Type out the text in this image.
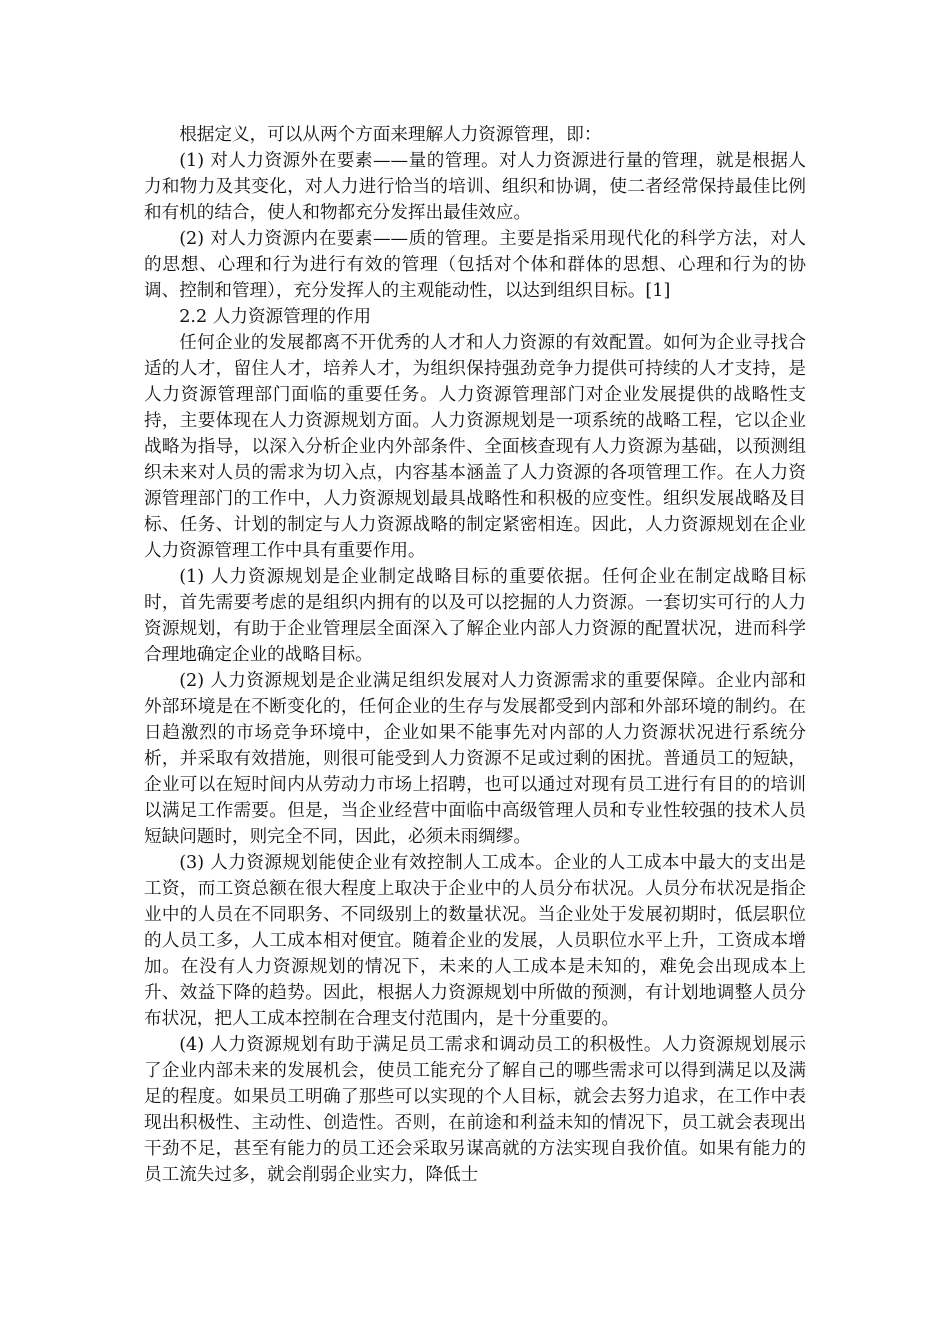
根据定义，可以从两个方面来理解人力资源管理，即：

(1) 对人力资源外在要素——量的管理。对人力资源进行量的管理，就是根据人力和物力及其变化，对人力进行恰当的培训、组织和协调，使二者经常保持最佳比例和有机的结合，使人和物都充分发挥出最佳效应。

(2) 对人力资源内在要素——质的管理。主要是指采用现代化的科学方法，对人的思想、心理和行为进行有效的管理（包括对个体和群体的思想、心理和行为的协调、控制和管理），充分发挥人的主观能动性，以达到组织目标。[1]

2.2 人力资源管理的作用

任何企业的发展都离不开优秀的人才和人力资源的有效配置。如何为企业寻找合适的人才，留住人才，培养人才，为组织保持强劲竞争力提供可持续的人才支持，是人力资源管理部门面临的重要任务。人力资源管理部门对企业发展提供的战略性支持，主要体现在人力资源规划方面。人力资源规划是一项系统的战略工程，它以企业战略为指导，以深入分析企业内外部条件、全面核查现有人力资源为基础，以预测组织未来对人员的需求为切入点，内容基本涵盖了人力资源的各项管理工作。在人力资源管理部门的工作中，人力资源规划最具战略性和积极的应变性。组织发展战略及目标、任务、计划的制定与人力资源战略的制定紧密相连。因此，人力资源规划在企业人力资源管理工作中具有重要作用。

(1) 人力资源规划是企业制定战略目标的重要依据。任何企业在制定战略目标时，首先需要考虑的是组织内拥有的以及可以挖掘的人力资源。一套切实可行的人力资源规划，有助于企业管理层全面深入了解企业内部人力资源的配置状况，进而科学合理地确定企业的战略目标。

(2) 人力资源规划是企业满足组织发展对人力资源需求的重要保障。企业内部和外部环境是在不断变化的，任何企业的生存与发展都受到内部和外部环境的制约。在日趋激烈的市场竞争环境中，企业如果不能事先对内部的人力资源状况进行系统分析，并采取有效措施，则很可能受到人力资源不足或过剩的困扰。普通员工的短缺，企业可以在短时间内从劳动力市场上招聘，也可以通过对现有员工进行有目的的培训以满足工作需要。但是，当企业经营中面临中高级管理人员和专业性较强的技术人员短缺问题时，则完全不同，因此，必须未雨绸缪。

(3) 人力资源规划能使企业有效控制人工成本。企业的人工成本中最大的支出是工资，而工资总额在很大程度上取决于企业中的人员分布状况。人员分布状况是指企业中的人员在不同职务、不同级别上的数量状况。当企业处于发展初期时，低层职位的人员工多，人工成本相对便宜。随着企业的发展，人员职位水平上升，工资成本增加。在没有人力资源规划的情况下，未来的人工成本是未知的，难免会出现成本上升、效益下降的趋势。因此，根据人力资源规划中所做的预测，有计划地调整人员分布状况，把人工成本控制在合理支付范围内，是十分重要的。

(4) 人力资源规划有助于满足员工需求和调动员工的积极性。人力资源规划展示了企业内部未来的发展机会，使员工能充分了解自己的哪些需求可以得到满足以及满足的程度。如果员工明确了那些可以实现的个人目标，就会去努力追求，在工作中表现出积极性、主动性、创造性。否则，在前途和利益未知的情况下，员工就会表现出干劲不足，甚至有能力的员工还会采取另谋高就的方法实现自我价值。如果有能力的员工流失过多，就会削弱企业实力，降低士
